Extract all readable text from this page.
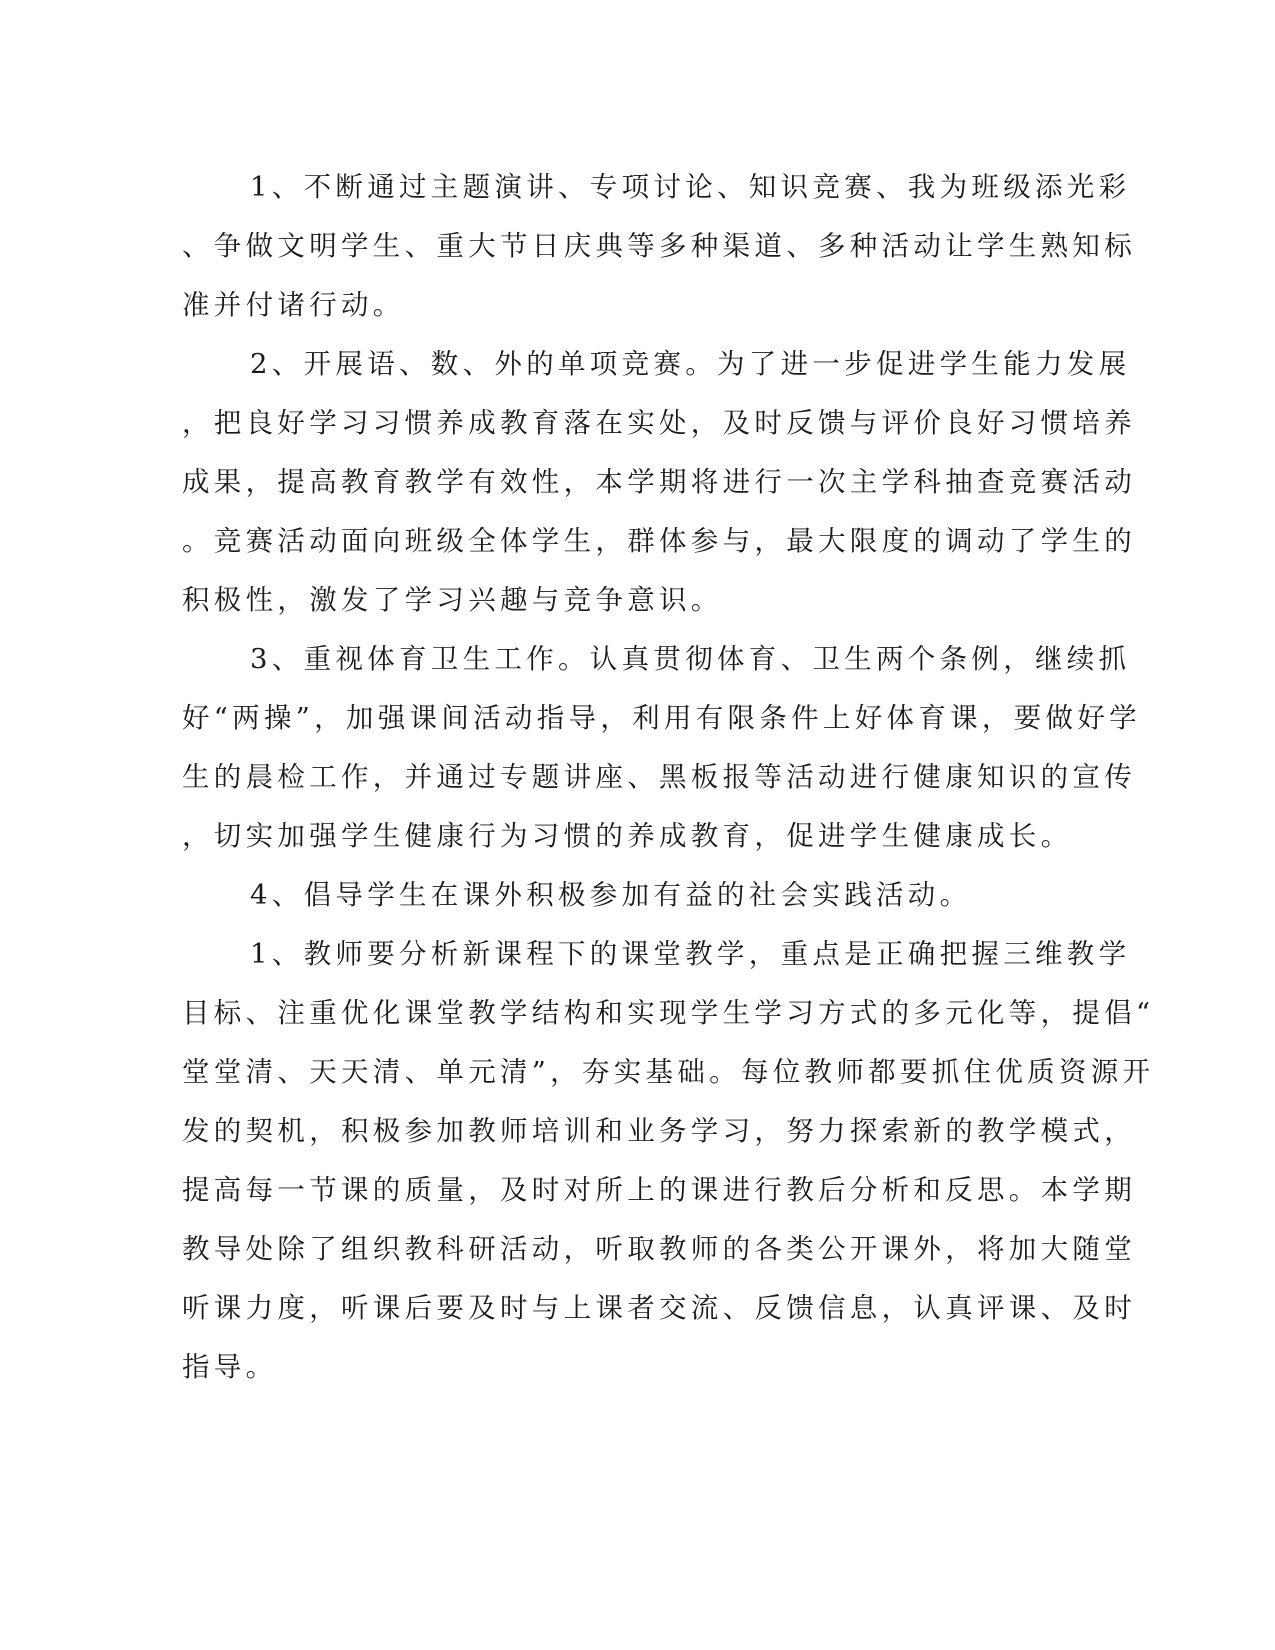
1、不断通过主题演讲、专项讨论、知识竞赛、我为班级添光彩
、争做文明学生、重大节日庆典等多种渠道、多种活动让学生熟知标
准并付诸行动。
2、开展语、数、外的单项竞赛。为了进一步促进学生能力发展
，把良好学习习惯养成教育落在实处，及时反馈与评价良好习惯培养
成果，提高教育教学有效性，本学期将进行一次主学科抽查竞赛活动
。竞赛活动面向班级全体学生，群体参与，最大限度的调动了学生的
积极性，激发了学习兴趣与竞争意识。
3、重视体育卫生工作。认真贯彻体育、卫生两个条例，继续抓
好“两操”，加强课间活动指导，利用有限条件上好体育课，要做好学
生的晨检工作，并通过专题讲座、黑板报等活动进行健康知识的宣传
，切实加强学生健康行为习惯的养成教育，促进学生健康成长。
4、倡导学生在课外积极参加有益的社会实践活动。
1、教师要分析新课程下的课堂教学，重点是正确把握三维教学
目标、注重优化课堂教学结构和实现学生学习方式的多元化等，提倡“
堂堂清、天天清、单元清”，夯实基础。每位教师都要抓住优质资源开
发的契机，积极参加教师培训和业务学习，努力探索新的教学模式，
提高每一节课的质量，及时对所上的课进行教后分析和反思。本学期
教导处除了组织教科研活动，听取教师的各类公开课外，将加大随堂
听课力度，听课后要及时与上课者交流、反馈信息，认真评课、及时
指导。
